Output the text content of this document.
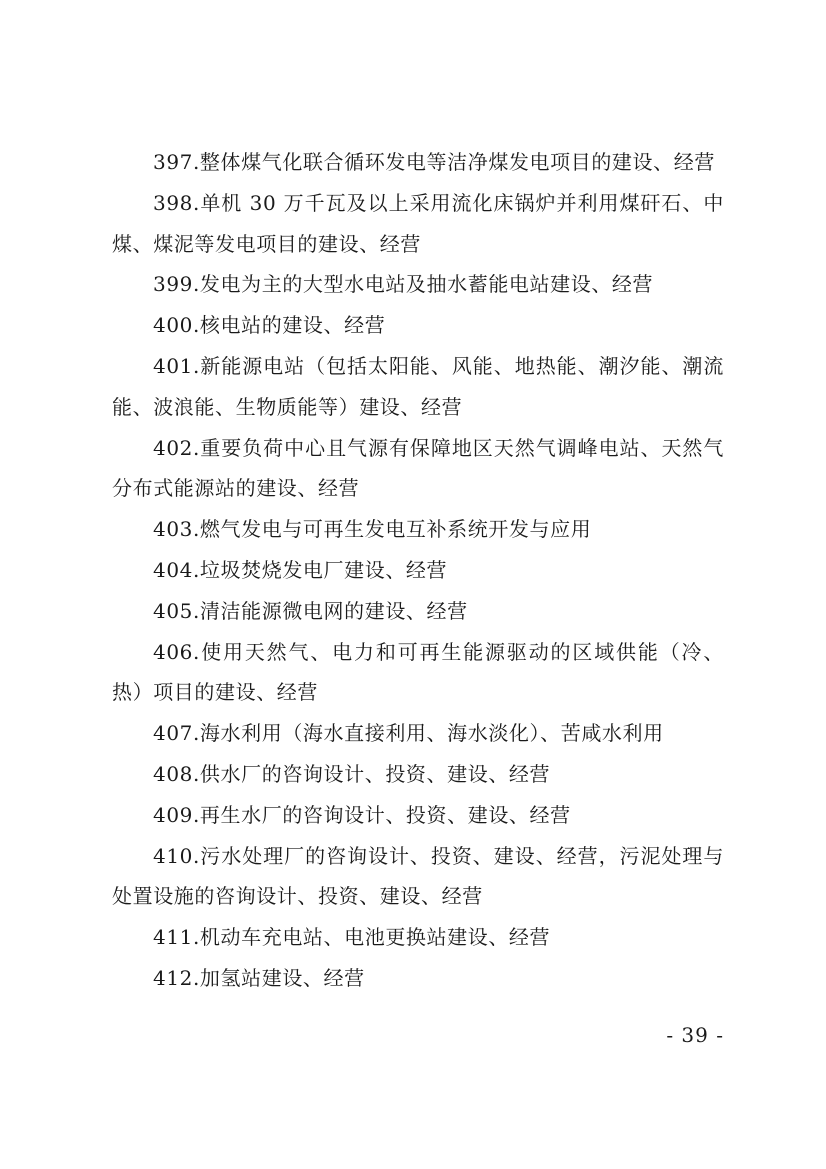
397.整体煤气化联合循环发电等洁净煤发电项目的建设、经营

398.单机 30 万千瓦及以上采用流化床锅炉并利用煤矸石、中煤、煤泥等发电项目的建设、经营

399.发电为主的大型水电站及抽水蓄能电站建设、经营

400.核电站的建设、经营

401.新能源电站（包括太阳能、风能、地热能、潮汐能、潮流能、波浪能、生物质能等）建设、经营

402.重要负荷中心且气源有保障地区天然气调峰电站、天然气分布式能源站的建设、经营

403.燃气发电与可再生发电互补系统开发与应用

404.垃圾焚烧发电厂建设、经营

405.清洁能源微电网的建设、经营

406.使用天然气、电力和可再生能源驱动的区域供能（冷、热）项目的建设、经营

407.海水利用（海水直接利用、海水淡化）、苦咸水利用

408.供水厂的咨询设计、投资、建设、经营

409.再生水厂的咨询设计、投资、建设、经营

410.污水处理厂的咨询设计、投资、建设、经营，污泥处理与处置设施的咨询设计、投资、建设、经营

411.机动车充电站、电池更换站建设、经营

412.加氢站建设、经营

- 39 -
